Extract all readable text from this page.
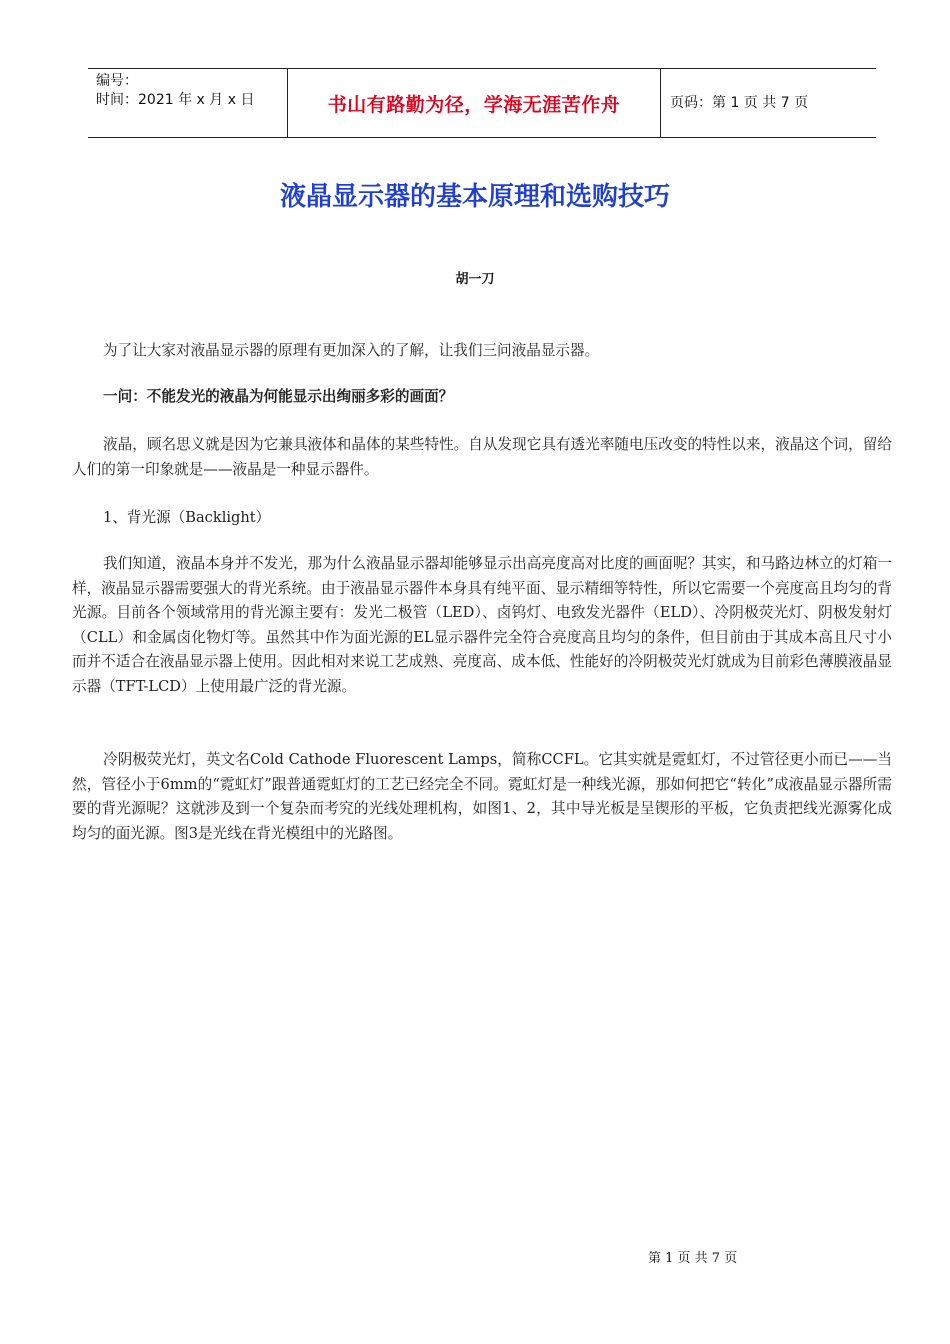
编号：
时间：2021 年 x 月 x 日	书山有路勤为径，学海无涯苦作舟	页码：第 1 页 共 7 页
液晶显示器的基本原理和选购技巧
胡一刀

为了让大家对液晶显示器的原理有更加深入的了解，让我们三问液晶显示器。

一问：不能发光的液晶为何能显示出绚丽多彩的画面？

液晶，顾名思义就是因为它兼具液体和晶体的某些特性。自从发现它具有透光率随电压改变的特性以来，液晶这个词，留给人们的第一印象就是——液晶是一种显示器件。

1、背光源（Backlight）

我们知道，液晶本身并不发光，那为什么液晶显示器却能够显示出高亮度高对比度的画面呢？其实，和马路边林立的灯箱一样，液晶显示器需要强大的背光系统。由于液晶显示器件本身具有纯平面、显示精细等特性，所以它需要一个亮度高且均匀的背光源。目前各个领域常用的背光源主要有：发光二极管（LED）、卤钨灯、电致发光器件（ELD）、冷阴极荧光灯、阴极发射灯（CLL）和金属卤化物灯等。虽然其中作为面光源的EL显示器件完全符合亮度高且均匀的条件，但目前由于其成本高且尺寸小而并不适合在液晶显示器上使用。因此相对来说工艺成熟、亮度高、成本低、性能好的冷阴极荧光灯就成为目前彩色薄膜液晶显示器（TFT-LCD）上使用最广泛的背光源。

冷阴极荧光灯，英文名Cold Cathode Fluorescent Lamps，简称CCFL。它其实就是霓虹灯，不过管径更小而已——当然，管径小于6mm的“霓虹灯”跟普通霓虹灯的工艺已经完全不同。霓虹灯是一种线光源，那如何把它“转化”成液晶显示器所需要的背光源呢？这就涉及到一个复杂而考究的光线处理机构，如图1、2，其中导光板是呈锲形的平板，它负责把线光源雾化成均匀的面光源。图3是光线在背光模组中的光路图。

第 1 页 共 7 页
